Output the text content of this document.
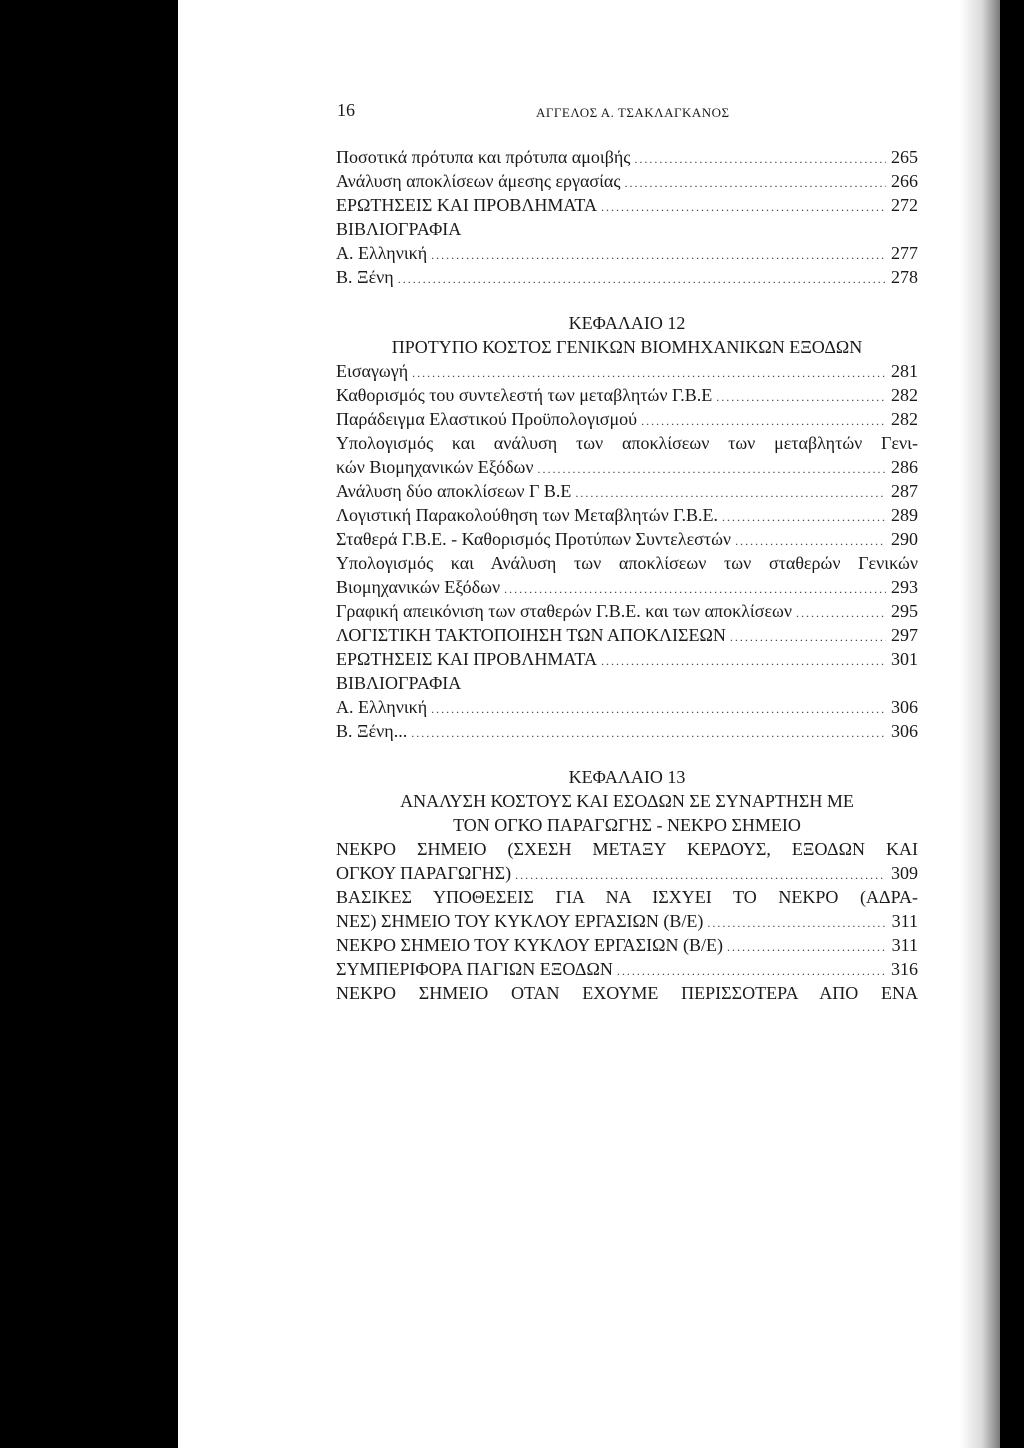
16	ΑΓΓΕΛΟΣ Α. ΤΣΑΚΛΑΓΚΑΝΟΣ
Ποσοτικά πρότυπα και πρότυπα αμοιβής .....	265
Ανάλυση αποκλίσεων άμεσης εργασίας .....	266
ΕΡΩΤΗΣΕΙΣ ΚΑΙ ΠΡΟΒΛΗΜΑΤΑ .....	272
ΒΙΒΛΙΟΓΡΑΦΙΑ
Α. Ελληνική .....	277
Β. Ξένη .....	278
ΚΕΦΑΛΑΙΟ 12
ΠΡΟΤΥΠΟ ΚΟΣΤΟΣ ΓΕΝΙΚΩΝ ΒΙΟΜΗΧΑΝΙΚΩΝ ΕΞΟΔΩΝ
Εισαγωγή .....	281
Καθορισμός του συντελεστή των μεταβλητών Γ.Β.Ε .....	282
Παράδειγμα Ελαστικού Προϋπολογισμού .....	282
Υπολογισμός και ανάλυση των αποκλίσεων των μεταβλητών Γενι-
κών Βιομηχανικών Εξόδων .....	286
Ανάλυση δύο αποκλίσεων Γ Β.Ε .....	287
Λογιστική Παρακολούθηση των Μεταβλητών Γ.Β.Ε. .....	289
Σταθερά Γ.Β.Ε. - Καθορισμός Προτύπων Συντελεστών .....	290
Υπολογισμός και Ανάλυση των αποκλίσεων των σταθερών Γενικών
Βιομηχανικών Εξόδων .....	293
Γραφική απεικόνιση των σταθερών Γ.Β.Ε. και των αποκλίσεων .....	295
ΛΟΓΙΣΤΙΚΗ ΤΑΚΤΟΠΟΙΗΣΗ ΤΩΝ ΑΠΟΚΛΙΣΕΩΝ .....	297
ΕΡΩΤΗΣΕΙΣ ΚΑΙ ΠΡΟΒΛΗΜΑΤΑ .....	301
ΒΙΒΛΙΟΓΡΑΦΙΑ
Α. Ελληνική .....	306
Β. Ξένη... .....	306
ΚΕΦΑΛΑΙΟ 13
ΑΝΑΛΥΣΗ ΚΟΣΤΟΥΣ ΚΑΙ ΕΣΟΔΩΝ ΣΕ ΣΥΝΑΡΤΗΣΗ ΜΕ
ΤΟΝ ΟΓΚΟ ΠΑΡΑΓΩΓΗΣ - ΝΕΚΡΟ ΣΗΜΕΙΟ
ΝΕΚΡΟ ΣΗΜΕΙΟ (ΣΧΕΣΗ ΜΕΤΑΞΥ ΚΕΡΔΟΥΣ, ΕΞΟΔΩΝ ΚΑΙ
ΟΓΚΟΥ ΠΑΡΑΓΩΓΗΣ) .....	309
ΒΑΣΙΚΕΣ ΥΠΟΘΕΣΕΙΣ ΓΙΑ ΝΑ ΙΣΧΥΕΙ ΤΟ ΝΕΚΡΟ (ΑΔΡΑ-
ΝΕΣ) ΣΗΜΕΙΟ ΤΟΥ ΚΥΚΛΟΥ ΕΡΓΑΣΙΩΝ (Β/Ε) .....	311
ΝΕΚΡΟ ΣΗΜΕΙΟ ΤΟΥ ΚΥΚΛΟΥ ΕΡΓΑΣΙΩΝ (Β/Ε) .....	311
ΣΥΜΠΕΡΙΦΟΡΑ ΠΑΓΙΩΝ ΕΞΟΔΩΝ .....	316
ΝΕΚΡΟ ΣΗΜΕΙΟ ΟΤΑΝ ΕΧΟΥΜΕ ΠΕΡΙΣΣΟΤΕΡΑ ΑΠΟ ΕΝΑ
